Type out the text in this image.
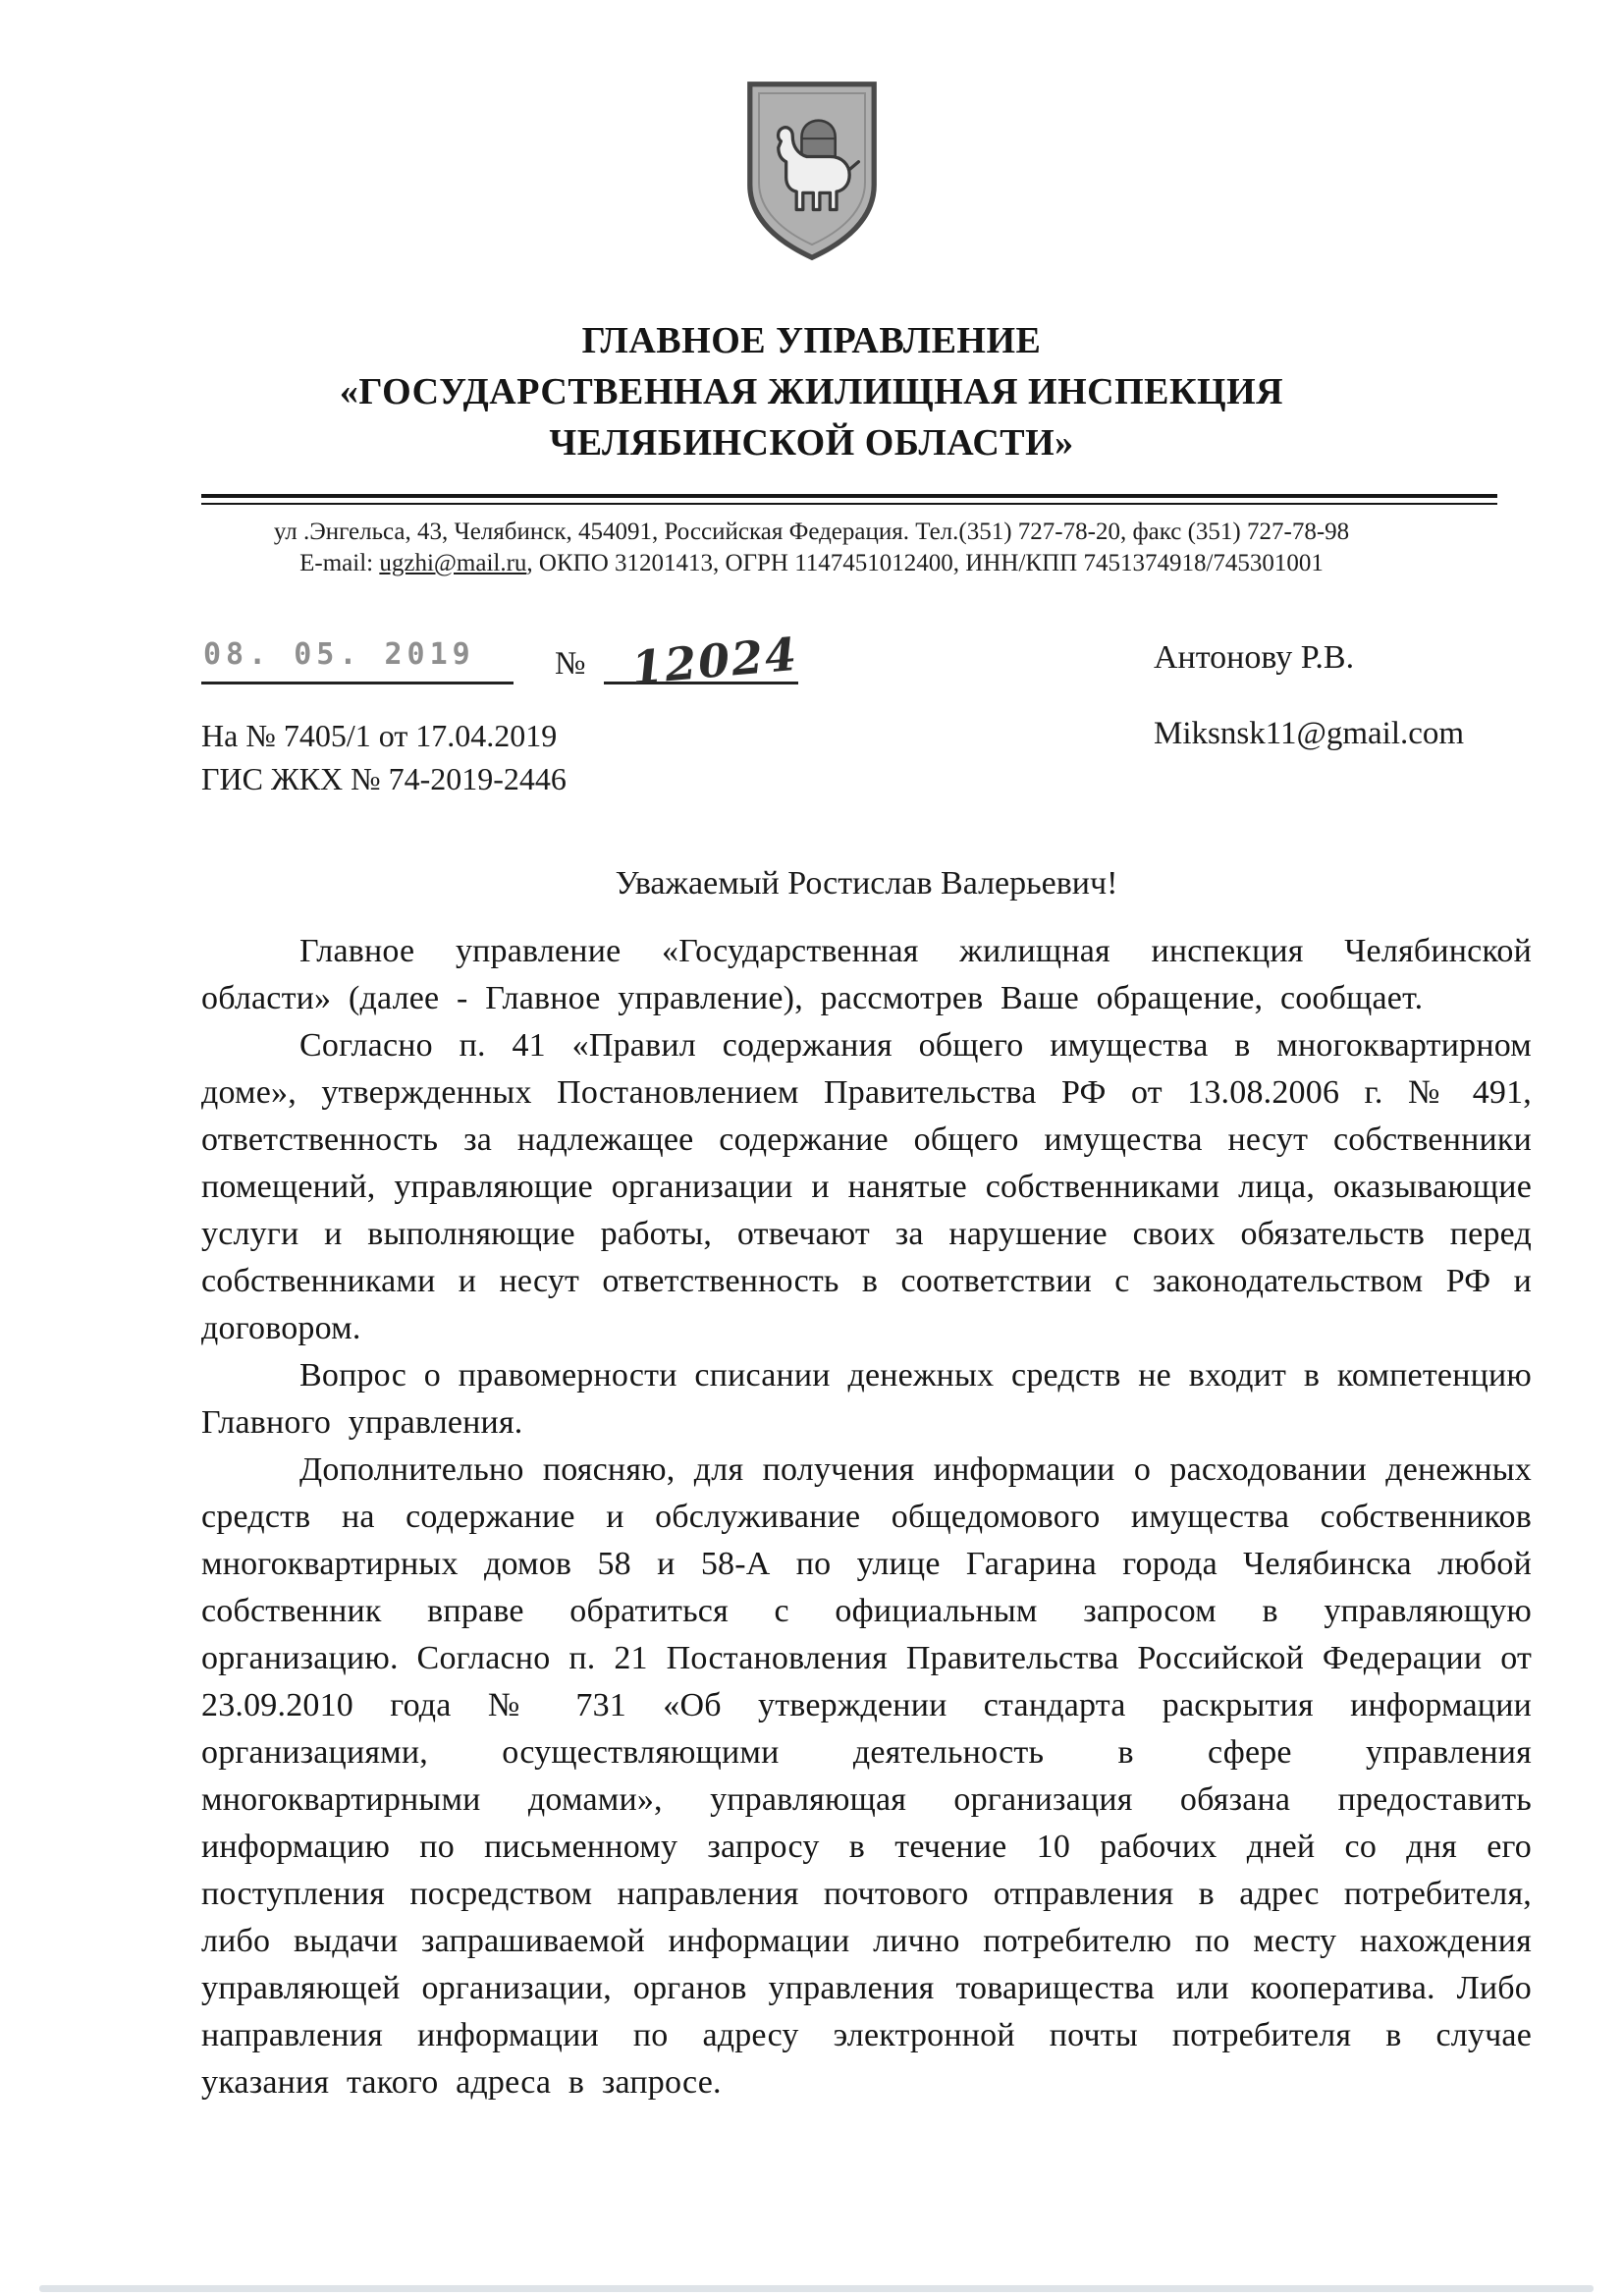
ГЛАВНОЕ УПРАВЛЕНИЕ
«ГОСУДАРСТВЕННАЯ ЖИЛИЩНАЯ ИНСПЕКЦИЯ
ЧЕЛЯБИНСКОЙ ОБЛАСТИ»
ул .Энгельса, 43, Челябинск, 454091, Российская Федерация. Тел.(351) 727-78-20, факс (351) 727-78-98
E-mail: ugzhi@mail.ru, ОКПО 31201413, ОГРН 1147451012400, ИНН/КПП 7451374918/745301001
08. 05. 2019 № 12024	Антонову Р.В.
На № 7405/1 от 17.04.2019
ГИС ЖКХ № 74-2019-2446
Miksnsk11@gmail.com
Уважаемый Ростислав Валерьевич!

Главное управление «Государственная жилищная инспекция Челябинской области» (далее - Главное управление), рассмотрев Ваше обращение, сообщает.

Согласно п. 41 «Правил содержания общего имущества в многоквартирном доме», утвержденных Постановлением Правительства РФ от 13.08.2006 г. № 491, ответственность за надлежащее содержание общего имущества несут собственники помещений, управляющие организации и нанятые собственниками лица, оказывающие услуги и выполняющие работы, отвечают за нарушение своих обязательств перед собственниками и несут ответственность в соответствии с законодательством РФ и договором.

Вопрос о правомерности списании денежных средств не входит в компетенцию Главного управления.

Дополнительно поясняю, для получения информации о расходовании денежных средств на содержание и обслуживание общедомового имущества собственников многоквартирных домов 58 и 58-А по улице Гагарина города Челябинска любой собственник вправе обратиться с официальным запросом в управляющую организацию. Согласно п. 21 Постановления Правительства Российской Федерации от 23.09.2010 года № 731 «Об утверждении стандарта раскрытия информации организациями, осуществляющими деятельность в сфере управления многоквартирными домами», управляющая организация обязана предоставить информацию по письменному запросу в течение 10 рабочих дней со дня его поступления посредством направления почтового отправления в адрес потребителя, либо выдачи запрашиваемой информации лично потребителю по месту нахождения управляющей организации, органов управления товарищества или кооператива. Либо направления информации по адресу электронной почты потребителя в случае указания такого адреса в запросе.
